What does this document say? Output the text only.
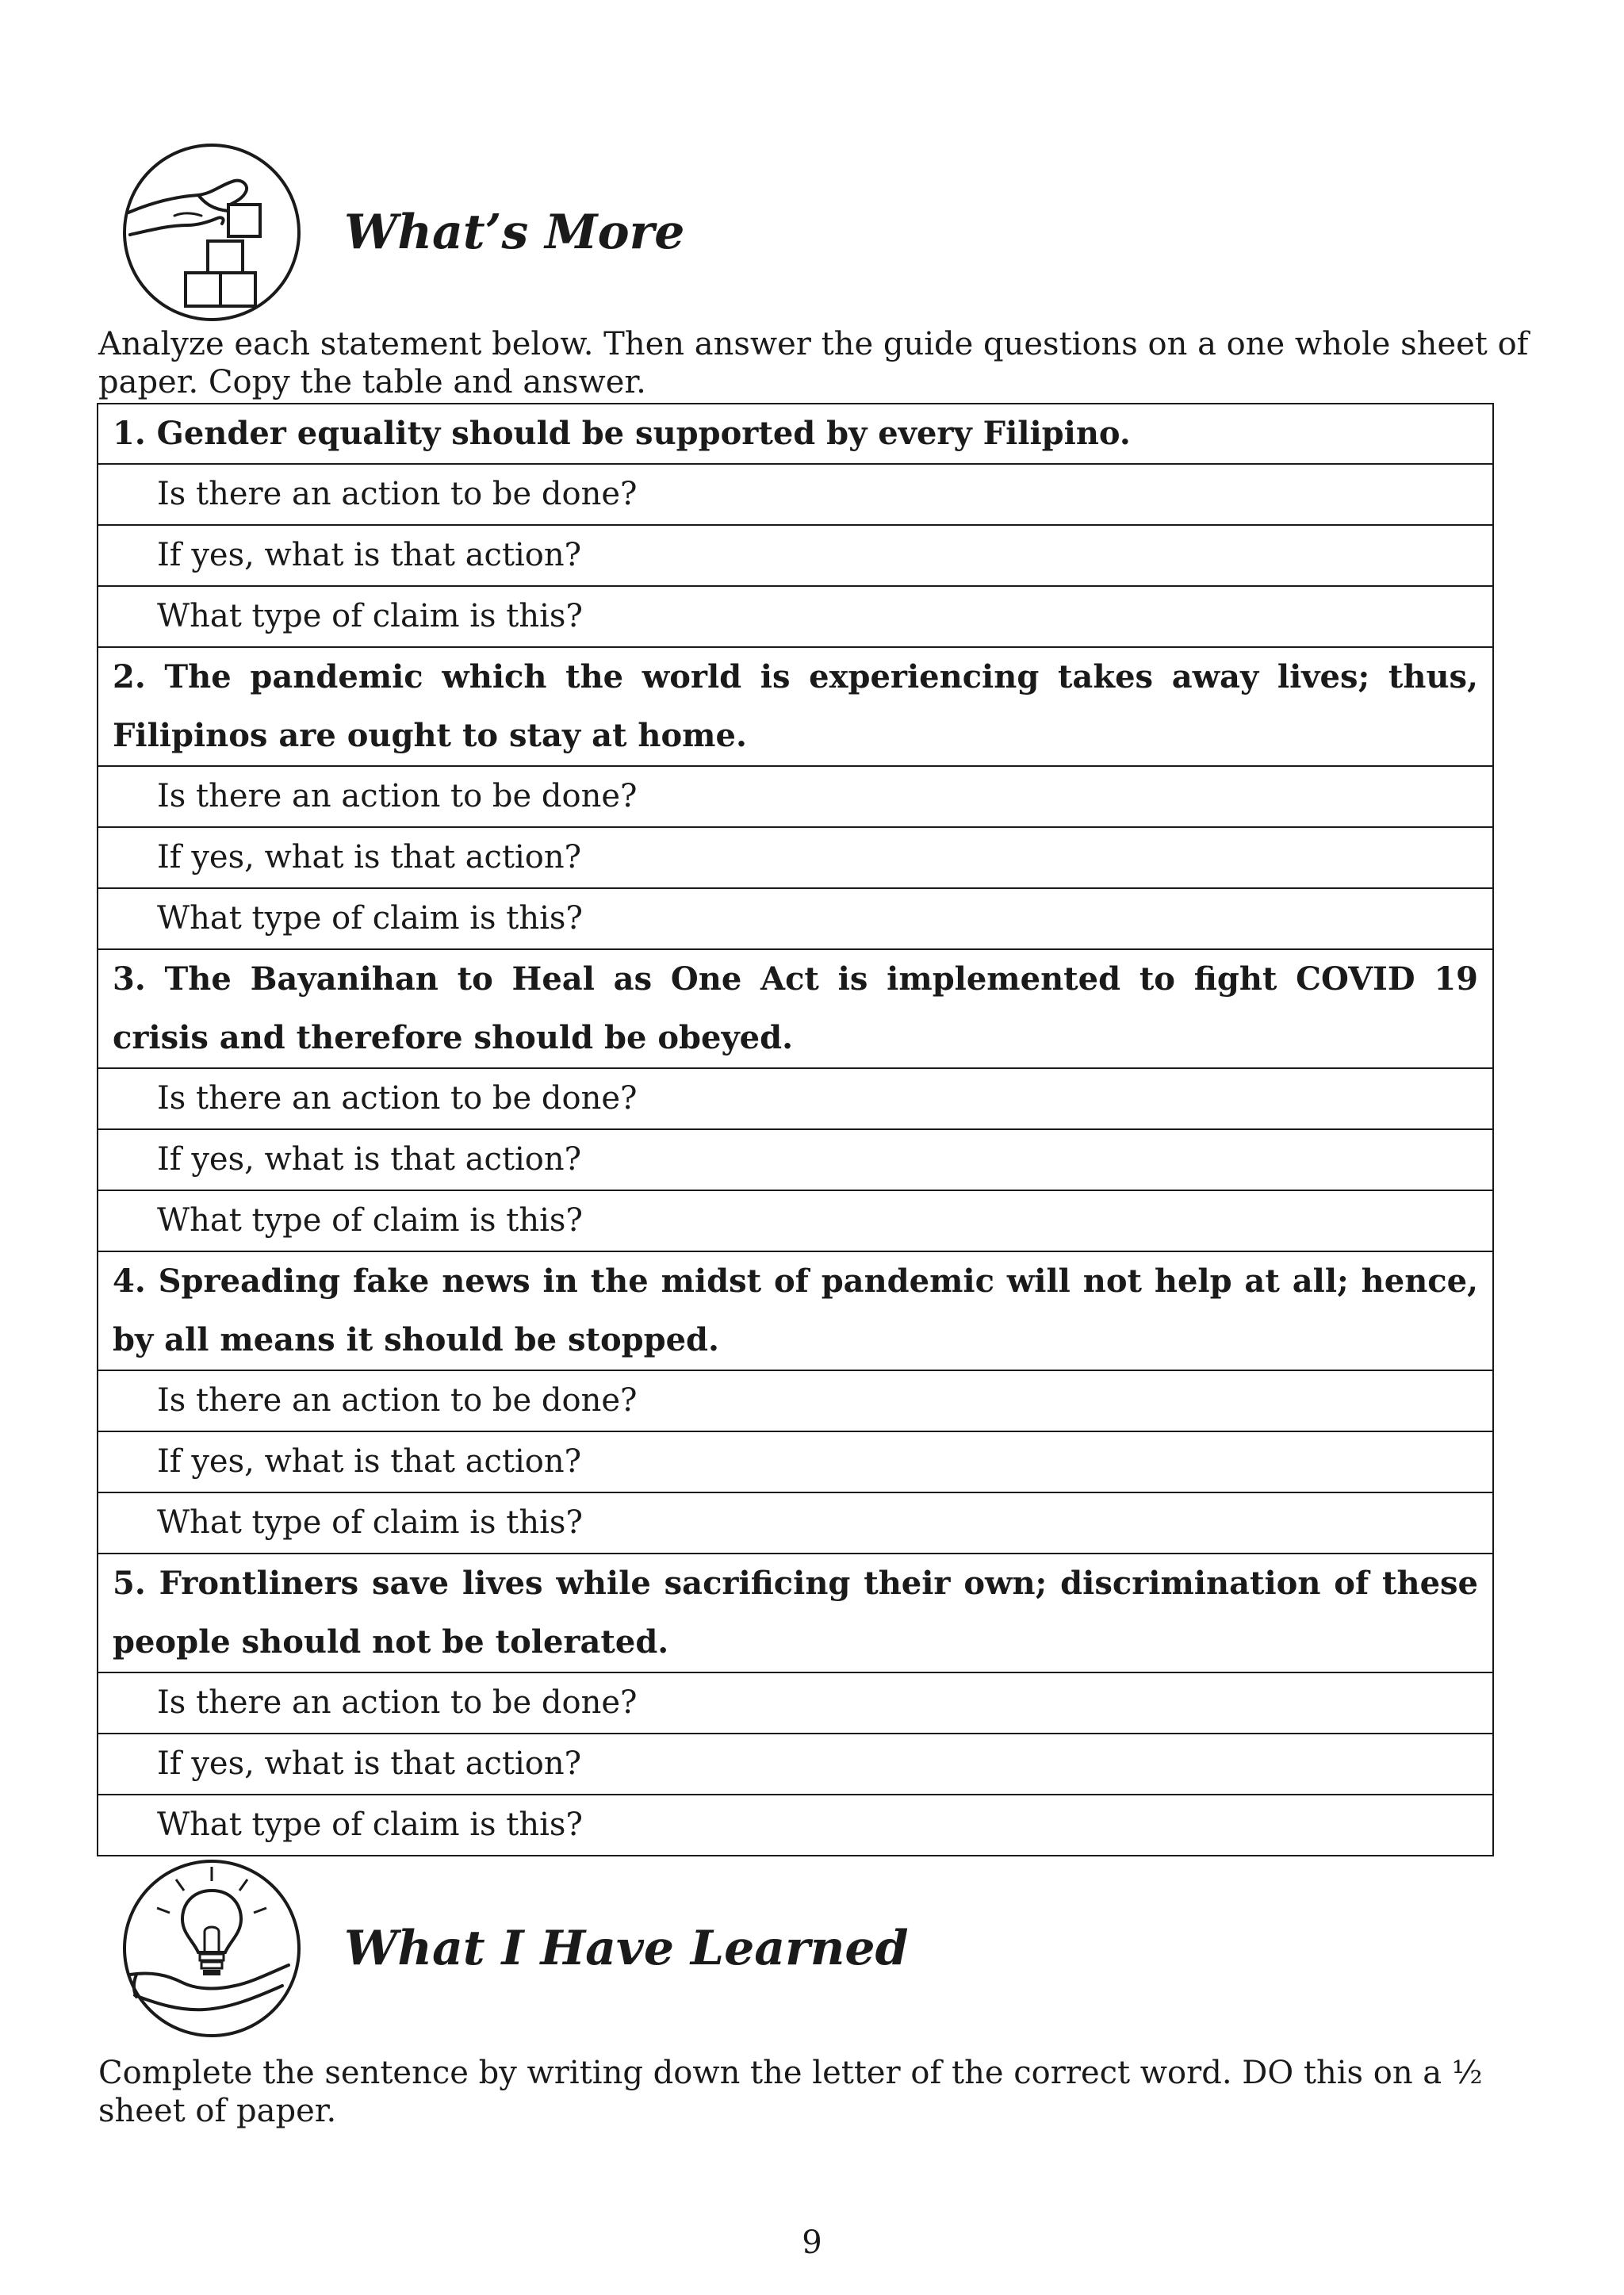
What’s More

Analyze each statement below. Then answer the guide questions on a one whole sheet of paper. Copy the table and answer.

1. Gender equality should be supported by every Filipino.
Is there an action to be done?
If yes, what is that action?
What type of claim is this?
2. The pandemic which the world is experiencing takes away lives; thus, Filipinos are ought to stay at home.
Is there an action to be done?
If yes, what is that action?
What type of claim is this?
3. The Bayanihan to Heal as One Act is implemented to fight COVID 19 crisis and therefore should be obeyed.
Is there an action to be done?
If yes, what is that action?
What type of claim is this?
4. Spreading fake news in the midst of pandemic will not help at all; hence, by all means it should be stopped.
Is there an action to be done?
If yes, what is that action?
What type of claim is this?
5. Frontliners save lives while sacrificing their own; discrimination of these people should not be tolerated.
Is there an action to be done?
If yes, what is that action?
What type of claim is this?
What I Have Learned

Complete the sentence by writing down the letter of the correct word. DO this on a ½ sheet of paper.

9
